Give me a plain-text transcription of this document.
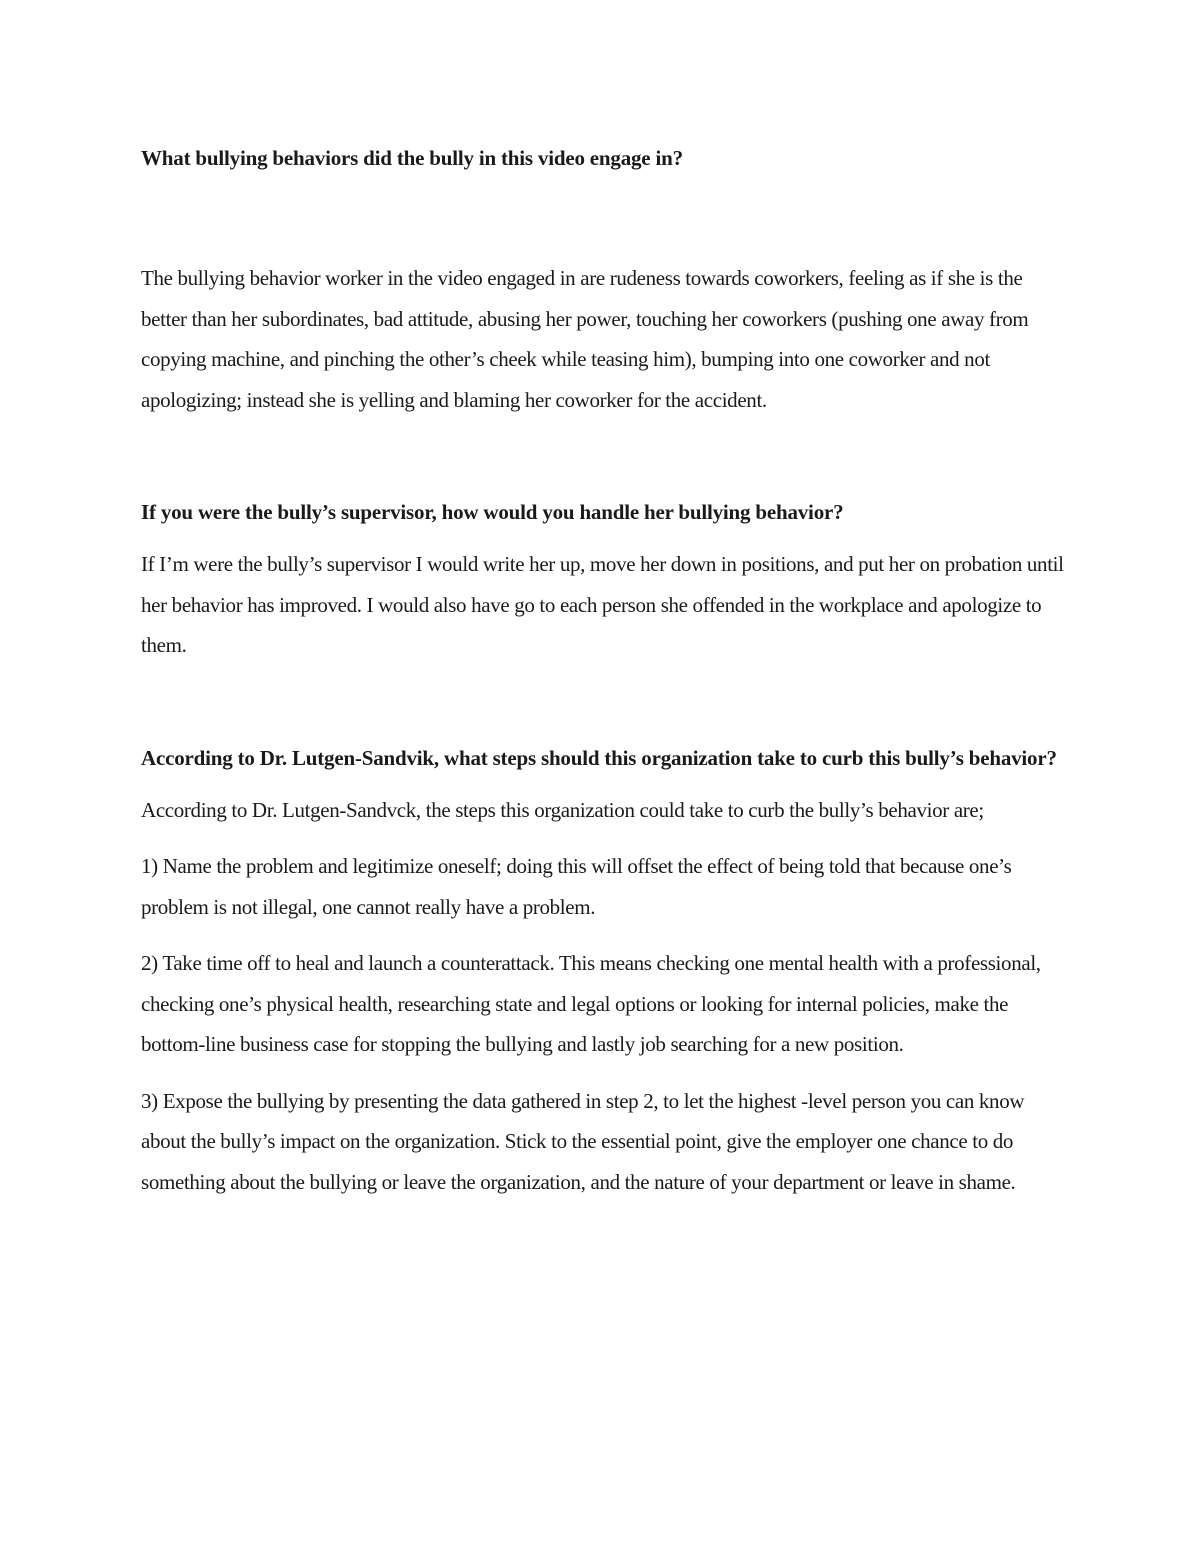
What bullying behaviors did the bully in this video engage in?

The bullying behavior worker in the video engaged in are rudeness towards coworkers, feeling as if she is the better than her subordinates, bad attitude, abusing her power, touching her coworkers (pushing one away from copying machine, and pinching the other’s cheek while teasing him), bumping into one coworker and not apologizing; instead she is yelling and blaming her coworker for the accident.

If you were the bully’s supervisor, how would you handle her bullying behavior?

If I’m were the bully’s supervisor I would write her up, move her down in positions, and put her on probation until her behavior has improved. I would also have go to each person she offended in the workplace and apologize to them.

According to Dr. Lutgen-Sandvik, what steps should this organization take to curb this bully’s behavior?

According to Dr. Lutgen-Sandvck, the steps this organization could take to curb the bully’s behavior are;

1) Name the problem and legitimize oneself; doing this will offset the effect of being told that because one’s problem is not illegal, one cannot really have a problem.

2) Take time off to heal and launch a counterattack. This means checking one mental health with a professional, checking one’s physical health, researching state and legal options or looking for internal policies, make the bottom-line business case for stopping the bullying and lastly job searching for a new position.

3) Expose the bullying by presenting the data gathered in step 2, to let the highest -level person you can know about the bully’s impact on the organization. Stick to the essential point, give the employer one chance to do something about the bullying or leave the organization, and the nature of your department or leave in shame.
